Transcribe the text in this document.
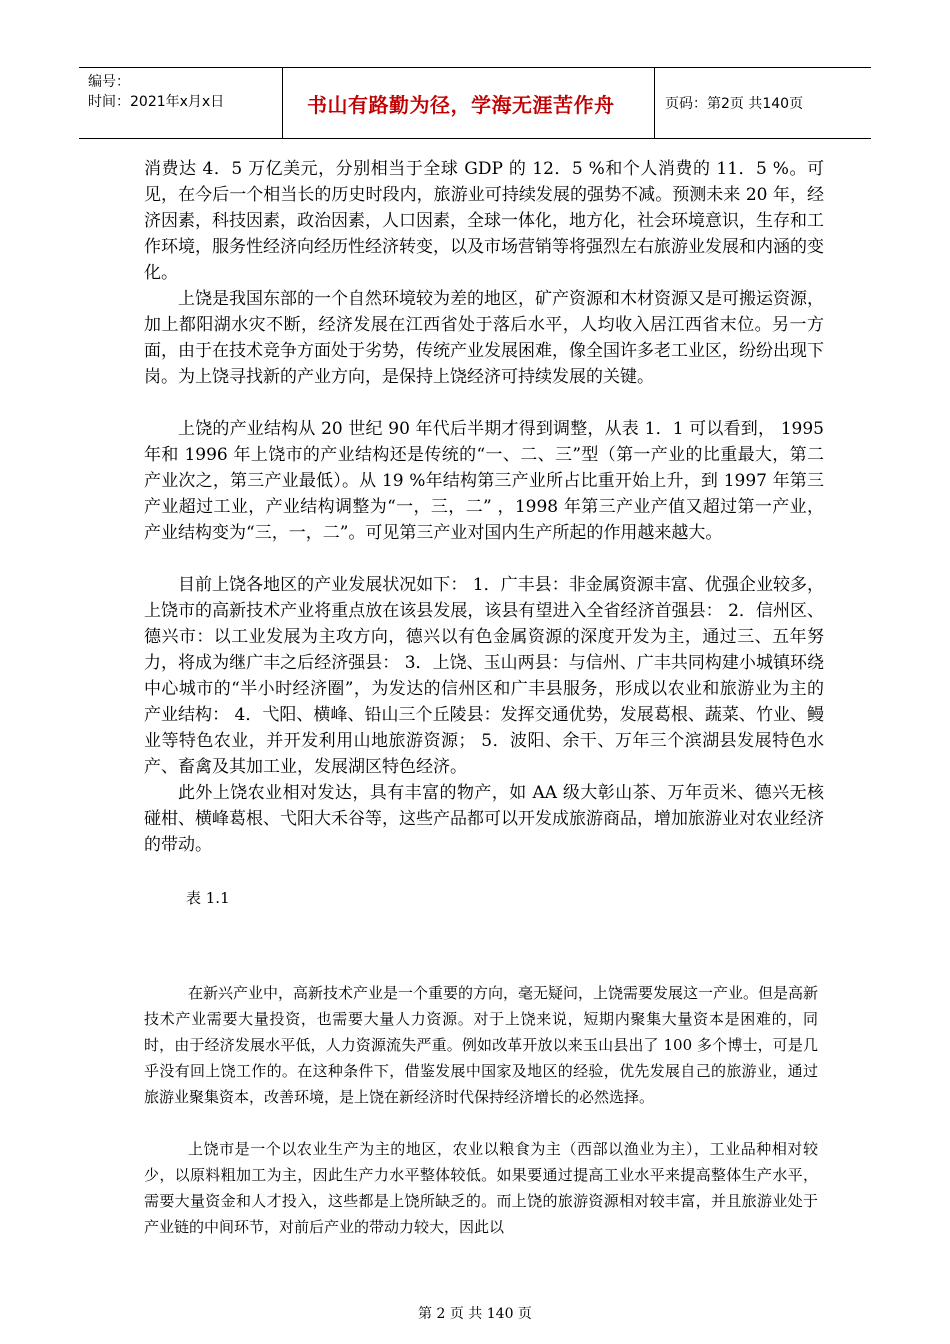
编号：
时间：2021年x月x日	书山有路勤为径，学海无涯苦作舟	页码：第2页 共140页

消费达 4．5 万亿美元，分别相当于全球 GDP 的 12．5 %和个人消费的 11．5 %。可见，在今后一个相当长的历史时段内，旅游业可持续发展的强势不减。预测未来 20 年，经济因素，科技因素，政治因素，人口因素，全球一体化，地方化，社会环境意识，生存和工作环境，服务性经济向经历性经济转变，以及市场营销等将强烈左右旅游业发展和内涵的变化。

上饶是我国东部的一个自然环境较为差的地区，矿产资源和木材资源又是可搬运资源，加上都阳湖水灾不断，经济发展在江西省处于落后水平，人均收入居江西省末位。另一方面，由于在技术竞争方面处于劣势，传统产业发展困难，像全国许多老工业区，纷纷出现下岗。为上饶寻找新的产业方向，是保持上饶经济可持续发展的关键。

上饶的产业结构从 20 世纪 90 年代后半期才得到调整，从表 1．1 可以看到， 1995 年和 1996 年上饶市的产业结构还是传统的“一、二、三”型（第一产业的比重最大，第二产业次之，第三产业最低）。从 19 %年结构第三产业所占比重开始上升，到 1997 年第三产业超过工业，产业结构调整为“一，三，二” ，1998 年第三产业产值又超过第一产业，产业结构变为“三，一，二”。可见第三产业对国内生产所起的作用越来越大。

目前上饶各地区的产业发展状况如下： 1．广丰县：非金属资源丰富、优强企业较多，上饶市的高新技术产业将重点放在该县发展，该县有望进入全省经济首强县： 2．信州区、德兴市：以工业发展为主攻方向，德兴以有色金属资源的深度开发为主，通过三、五年努力，将成为继广丰之后经济强县： 3．上饶、玉山两县：与信州、广丰共同构建小城镇环绕中心城市的“半小时经济圈”，为发达的信州区和广丰县服务，形成以农业和旅游业为主的产业结构： 4．弋阳、横峰、铅山三个丘陵县：发挥交通优势，发展葛根、蔬菜、竹业、鳗业等特色农业，并开发利用山地旅游资源； 5．波阳、余干、万年三个滨湖县发展特色水产、畜禽及其加工业，发展湖区特色经济。

此外上饶农业相对发达，具有丰富的物产，如 AA 级大彰山茶、万年贡米、德兴无核碰柑、横峰葛根、弋阳大禾谷等，这些产品都可以开发成旅游商品，增加旅游业对农业经济的带动。

表 1.1

在新兴产业中，高新技术产业是一个重要的方向，毫无疑问，上饶需要发展这一产业。但是高新技术产业需要大量投资，也需要大量人力资源。对于上饶来说，短期内聚集大量资本是困难的，同时，由于经济发展水平低，人力资源流失严重。例如改革开放以来玉山县出了 100 多个博士，可是几乎没有回上饶工作的。在这种条件下，借鉴发展中国家及地区的经验，优先发展自己的旅游业，通过旅游业聚集资本，改善环境，是上饶在新经济时代保持经济增长的必然选择。

上饶市是一个以农业生产为主的地区，农业以粮食为主（西部以渔业为主），工业品种相对较少，以原料粗加工为主，因此生产力水平整体较低。如果要通过提高工业水平来提高整体生产水平，需要大量资金和人才投入，这些都是上饶所缺乏的。而上饶的旅游资源相对较丰富，并且旅游业处于产业链的中间环节，对前后产业的带动力较大，因此以

第 2 页 共 140 页
